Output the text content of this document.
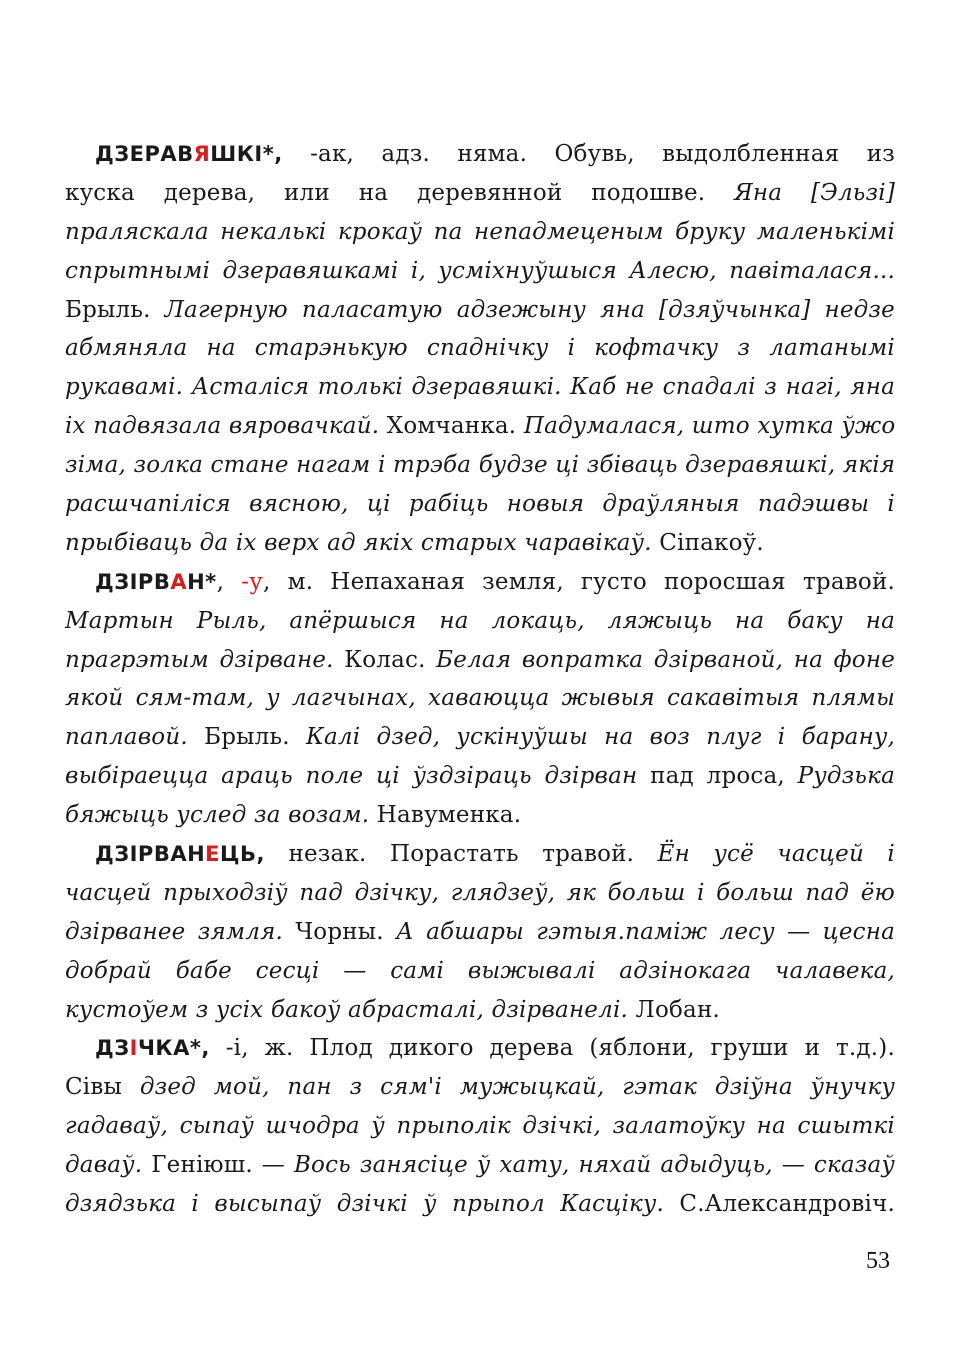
ДЗЕРАВЯШКІ*, -ак, адз. няма. Обувь, выдолбленная из
куска дерева, или на деревянной подошве. Яна [Эльзі]
праляскала некалькі крокаў па непадмеценым бруку маленькімі
спрытнымі дзеравяшкамі і, усміхнуўшыся Алесю, павіталася...
Брыль. Лагерную паласатую адзежыну яна [дзяўчынка] недзе
абмяняла на старэнькую спаднічку і кофтачку з латанымі
рукавамі. Асталіся толькі дзеравяшкі. Каб не спадалі з нагі, яна
іх падвязала вяровачкай. Хомчанка. Падумалася, што хутка ўжо
зіма, золка стане нагам і трэба будзе ці збіваць дзеравяшкі, якія
расшчапіліся вясною, ці рабіць новыя драўляныя падэшвы і
прыбіваць да іх верх ад якіх старых чаравікаў. Сіпакоў.
ДЗІРВАН*, -у, м. Непаханая земля, густо поросшая травой.
Мартын Рыль, апёршыся на локаць, ляжыць на баку на
прагрэтым дзірване. Колас. Белая вопратка дзірваной, на фоне
якой сям-там, у лагчынах, хаваюцца жывыя сакавітыя плямы
паплавой. Брыль. Калі дзед, ускінуўшы на воз плуг і барану,
выбіраецца араць поле ці ўздзіраць дзірван пад лроса, Рудзька
бяжыць услед за возам. Навуменка.
ДЗІРВАНЕЦЬ, незак. Порастать травой. Ён усё часцей і
часцей прыходзіў пад дзічку, глядзеў, як больш і больш пад ёю
дзірванее зямля. Чорны. А абшары гэтыя.паміж лесу — цесна
добрай бабе сесці — самі выжывалі адзінокага чалавека,
кустоўем з усіх бакоў абрасталі, дзірванелі. Лобан.
ДЗІЧКА*, -і, ж. Плод дикого дерева (яблони, груши и т.д.).
Сівы дзед мой, пан з сям'і мужыцкай, гэтак дзіўна ўнучку
гадаваў, сыпаў шчодра ў прыполік дзічкі, залатоўку на сшыткі
даваў. Геніюш. — Вось занясіце ў хату, няхай адыдуць, — сказаў
дзядзька і высыпаў дзічкі ў прыпол Касціку. С.Александровіч.
53
